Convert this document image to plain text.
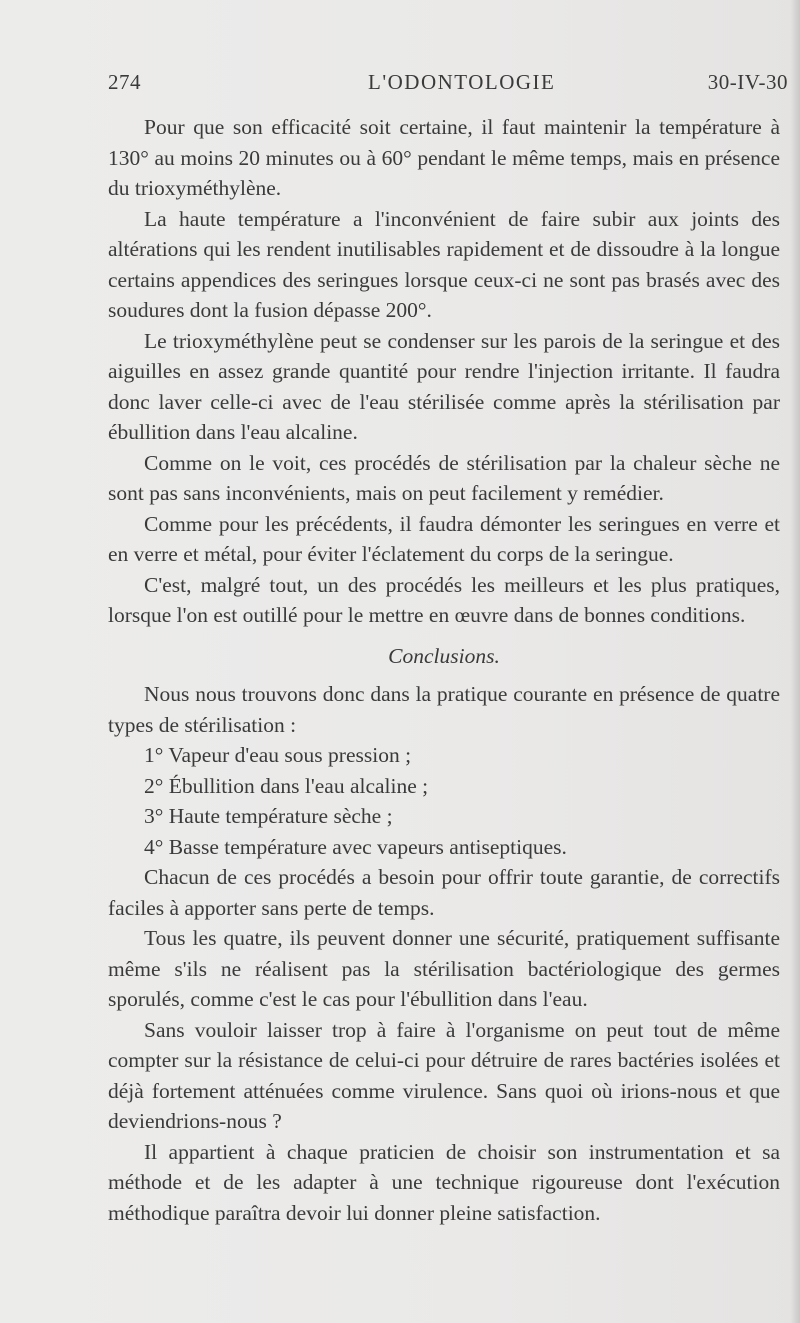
274	L'ODONTOLOGIE	30-IV-30

Pour que son efficacité soit certaine, il faut maintenir la température à 130° au moins 20 minutes ou à 60° pendant le même temps, mais en présence du trioxyméthylène.

La haute température a l'inconvénient de faire subir aux joints des altérations qui les rendent inutilisables rapidement et de dissoudre à la longue certains appendices des seringues lorsque ceux-ci ne sont pas brasés avec des soudures dont la fusion dépasse 200°.

Le trioxyméthylène peut se condenser sur les parois de la seringue et des aiguilles en assez grande quantité pour rendre l'injection irritante. Il faudra donc laver celle-ci avec de l'eau stérilisée comme après la stérilisation par ébullition dans l'eau alcaline.

Comme on le voit, ces procédés de stérilisation par la chaleur sèche ne sont pas sans inconvénients, mais on peut facilement y remédier.

Comme pour les précédents, il faudra démonter les seringues en verre et en verre et métal, pour éviter l'éclatement du corps de la seringue.

C'est, malgré tout, un des procédés les meilleurs et les plus pratiques, lorsque l'on est outillé pour le mettre en œuvre dans de bonnes conditions.

Conclusions.

Nous nous trouvons donc dans la pratique courante en présence de quatre types de stérilisation :

1° Vapeur d'eau sous pression ;

2° Ébullition dans l'eau alcaline ;

3° Haute température sèche ;

4° Basse température avec vapeurs antiseptiques.

Chacun de ces procédés a besoin pour offrir toute garantie, de correctifs faciles à apporter sans perte de temps.

Tous les quatre, ils peuvent donner une sécurité, pratiquement suffisante même s'ils ne réalisent pas la stérilisation bactériologique des germes sporulés, comme c'est le cas pour l'ébullition dans l'eau.

Sans vouloir laisser trop à faire à l'organisme on peut tout de même compter sur la résistance de celui-ci pour détruire de rares bactéries isolées et déjà fortement atténuées comme virulence. Sans quoi où irions-nous et que deviendrions-nous ?

Il appartient à chaque praticien de choisir son instrumentation et sa méthode et de les adapter à une technique rigoureuse dont l'exécution méthodique paraîtra devoir lui donner pleine satisfaction.
